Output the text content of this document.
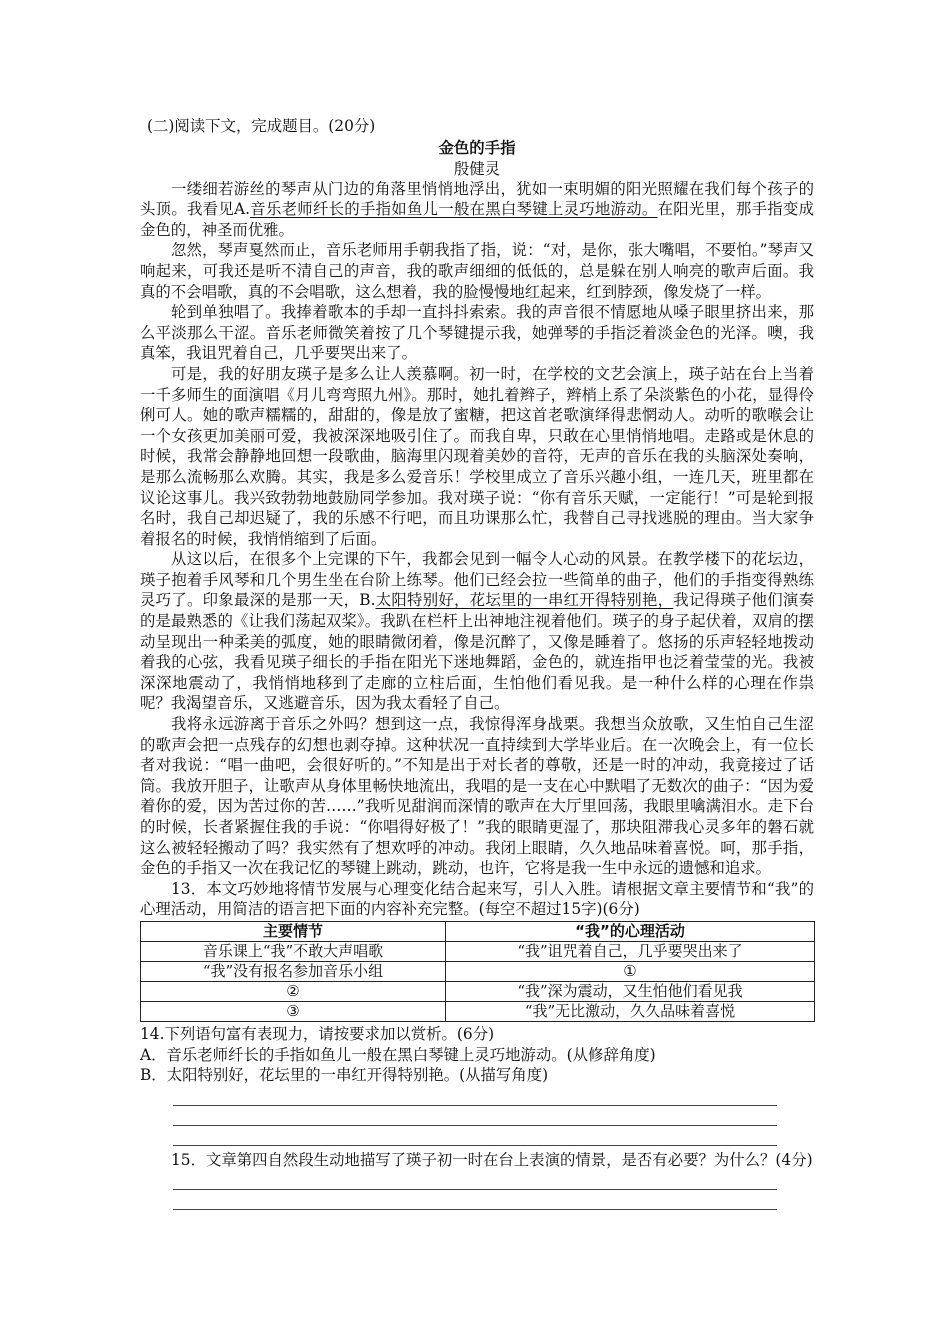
(二)阅读下文，完成题目。(20分)

金色的手指

殷健灵

一缕细若游丝的琴声从门边的角落里悄悄地浮出，犹如一束明媚的阳光照耀在我们每个孩子的头顶。我看见A.音乐老师纤长的手指如鱼儿一般在黑白琴键上灵巧地游动。在阳光里，那手指变成金色的，神圣而优雅。

忽然，琴声戛然而止，音乐老师用手朝我指了指，说：“对，是你，张大嘴唱，不要怕。”琴声又响起来，可我还是听不清自己的声音，我的歌声细细的低低的，总是躲在别人响亮的歌声后面。我真的不会唱歌，真的不会唱歌，这么想着，我的脸慢慢地红起来，红到脖颈，像发烧了一样。

轮到单独唱了。我捧着歌本的手却一直抖抖索索。我的声音很不情愿地从嗓子眼里挤出来，那么平淡那么干涩。音乐老师微笑着按了几个琴键提示我，她弹琴的手指泛着淡金色的光泽。噢，我真笨，我诅咒着自己，几乎要哭出来了。

可是，我的好朋友瑛子是多么让人羡慕啊。初一时，在学校的文艺会演上，瑛子站在台上当着一千多师生的面演唱《月儿弯弯照九州》。那时，她扎着辫子，辫梢上系了朵淡紫色的小花，显得伶俐可人。她的歌声糯糯的，甜甜的，像是放了蜜糖，把这首老歌演绎得悲惘动人。动听的歌喉会让一个女孩更加美丽可爱，我被深深地吸引住了。而我自卑，只敢在心里悄悄地唱。走路或是休息的时候，我常会静静地回想一段歌曲，脑海里闪现着美妙的音符，无声的音乐在我的头脑深处奏响，是那么流畅那么欢腾。其实，我是多么爱音乐！学校里成立了音乐兴趣小组，一连几天，班里都在议论这事儿。我兴致勃勃地鼓励同学参加。我对瑛子说：“你有音乐天赋，一定能行！”可是轮到报名时，我自己却迟疑了，我的乐感不行吧，而且功课那么忙，我替自己寻找逃脱的理由。当大家争着报名的时候，我悄悄缩到了后面。

从这以后，在很多个上完课的下午，我都会见到一幅令人心动的风景。在教学楼下的花坛边，瑛子抱着手风琴和几个男生坐在台阶上练琴。他们已经会拉一些简单的曲子，他们的手指变得熟练灵巧了。印象最深的是那一天，B.太阳特别好，花坛里的一串红开得特别艳，我记得瑛子他们演奏的是最熟悉的《让我们荡起双桨》。我趴在栏杆上出神地注视着他们。瑛子的身子起伏着，双肩的摆动呈现出一种柔美的弧度，她的眼睛微闭着，像是沉醉了，又像是睡着了。悠扬的乐声轻轻地拨动着我的心弦，我看见瑛子细长的手指在阳光下迷地舞蹈，金色的，就连指甲也泛着莹莹的光。我被深深地震动了，我悄悄地移到了走廊的立柱后面，生怕他们看见我。是一种什么样的心理在作祟呢？我渴望音乐，又逃避音乐，因为我太看轻了自己。

我将永远游离于音乐之外吗？想到这一点，我惊得浑身战栗。我想当众放歌，又生怕自己生涩的歌声会把一点残存的幻想也剥夺掉。这种状况一直持续到大学毕业后。在一次晚会上，有一位长者对我说：“唱一曲吧，会很好听的。”不知是出于对长者的尊敬，还是一时的冲动，我竟接过了话筒。我放开胆子，让歌声从身体里畅快地流出，我唱的是一支在心中默唱了无数次的曲子：“因为爱着你的爱，因为苦过你的苦……”我听见甜润而深情的歌声在大厅里回荡，我眼里噙满泪水。走下台的时候，长者紧握住我的手说：“你唱得好极了！”我的眼睛更湿了，那块阻滞我心灵多年的磐石就这么被轻轻搬动了吗？我实然有了想欢呼的冲动。我闭上眼睛，久久地品味着喜悦。呵，那手指，金色的手指又一次在我记忆的琴键上跳动，跳动，也许，它将是我一生中永远的遗憾和追求。

13．本文巧妙地将情节发展与心理变化结合起来写，引人入胜。请根据文章主要情节和“我”的心理活动，用简洁的语言把下面的内容补充完整。(每空不超过15字)(6分)

主要情节	“我”的心理活动
音乐课上“我”不敢大声唱歌	“我”诅咒着自己，几乎要哭出来了
“我”没有报名参加音乐小组	①
②	“我”深为震动，又生怕他们看见我
③	“我”无比激动，久久品味着喜悦

14.下列语句富有表现力，请按要求加以赏析。(6分)

A．音乐老师纤长的手指如鱼儿一般在黑白琴键上灵巧地游动。(从修辞角度)

B．太阳特别好，花坛里的一串红开得特别艳。(从描写角度)

15．文章第四自然段生动地描写了瑛子初一时在台上表演的情景，是否有必要？为什么？(4分)
